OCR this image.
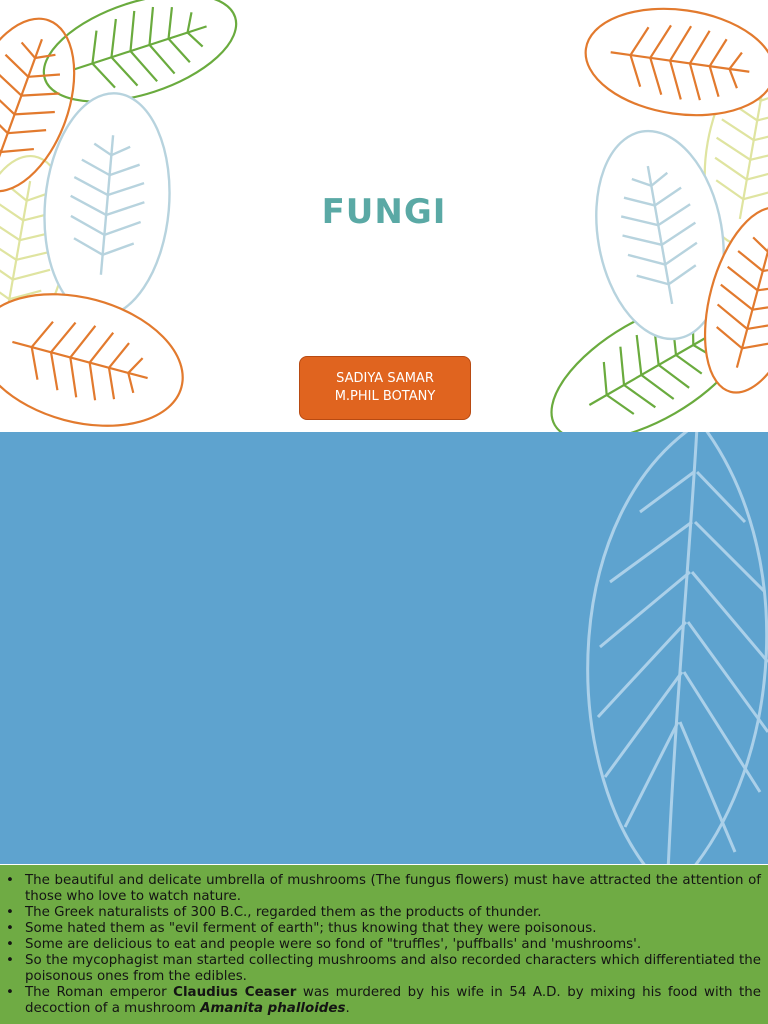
FUNGI
SADIYA SAMAR
M.PHIL BOTANY
• The beautiful and delicate umbrella of mushrooms (The fungus flowers) must have attracted the attention of those who love to watch nature.
• The Greek naturalists of 300 B.C., regarded them as the products of thunder.
• Some hated them as "evil ferment of earth"; thus knowing that they were poisonous.
• Some are delicious to eat and people were so fond of "truffles', 'puffballs' and 'mushrooms'.
• So the mycophagist man started collecting mushrooms and also recorded characters which differentiated the poisonous ones from the edibles.
• The Roman emperor Claudius Ceaser was murdered by his wife in 54 A.D. by mixing his food with the decoction of a mushroom Amanita phalloides.
